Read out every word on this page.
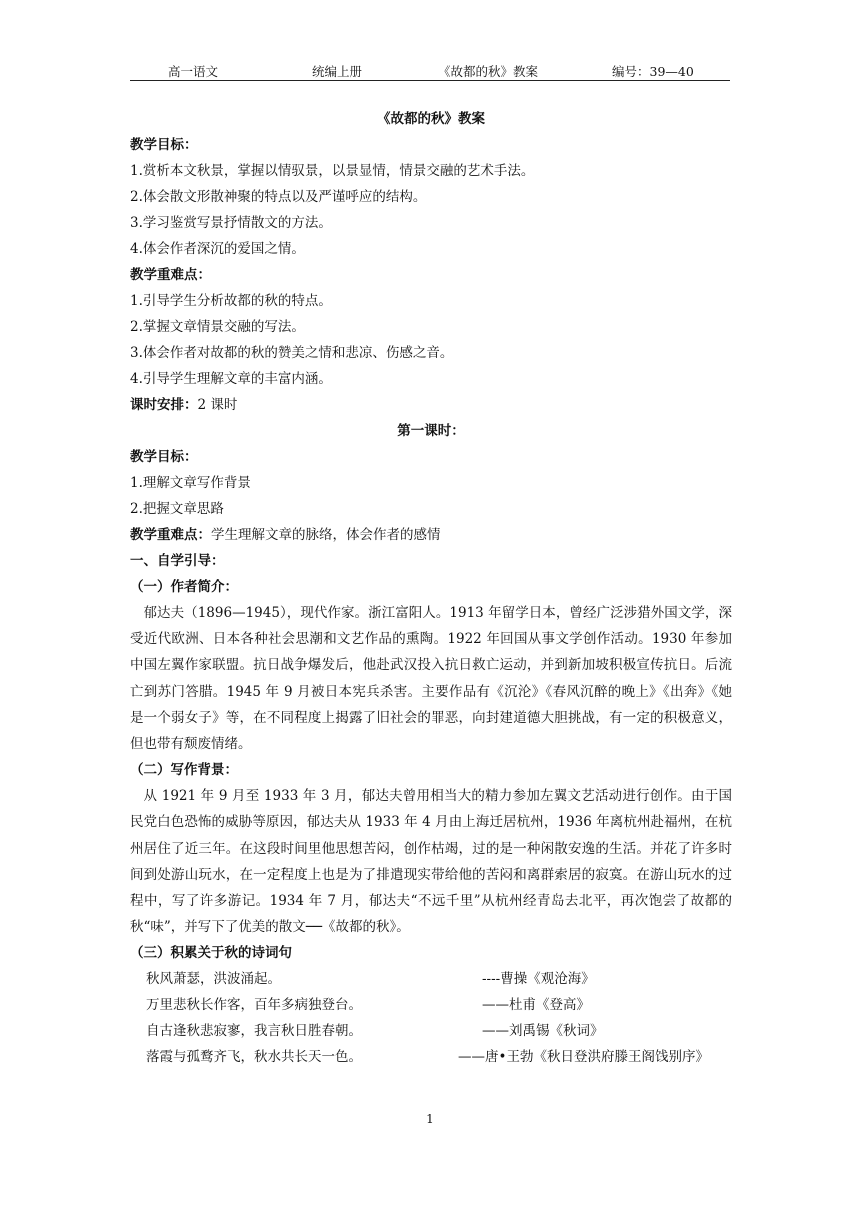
高一语文	统编上册	《故都的秋》教案	编号：39—40
《故都的秋》教案
教学目标：
1.赏析本文秋景，掌握以情驭景，以景显情，情景交融的艺术手法。
2.体会散文形散神聚的特点以及严谨呼应的结构。
3.学习鉴赏写景抒情散文的方法。
4.体会作者深沉的爱国之情。
教学重难点：
1.引导学生分析故都的秋的特点。
2.掌握文章情景交融的写法。
3.体会作者对故都的秋的赞美之情和悲凉、伤感之音。
4.引导学生理解文章的丰富内涵。
课时安排：2 课时
第一课时：
教学目标：
1.理解文章写作背景
2.把握文章思路
教学重难点：学生理解文章的脉络，体会作者的感情
一、自学引导：
（一）作者简介：
郁达夫（1896—1945），现代作家。浙江富阳人。1913 年留学日本，曾经广泛涉猎外国文学，深受近代欧洲、日本各种社会思潮和文艺作品的熏陶。1922 年回国从事文学创作活动。1930 年参加中国左翼作家联盟。抗日战争爆发后，他赴武汉投入抗日救亡运动，并到新加坡积极宣传抗日。后流亡到苏门答腊。1945 年 9 月被日本宪兵杀害。主要作品有《沉沦》《春风沉醉的晚上》《出奔》《她是一个弱女子》等，在不同程度上揭露了旧社会的罪恶，向封建道德大胆挑战，有一定的积极意义，但也带有颓废情绪。
（二）写作背景：
从 1921 年 9 月至 1933 年 3 月，郁达夫曾用相当大的精力参加左翼文艺活动进行创作。由于国民党白色恐怖的威胁等原因，郁达夫从 1933 年 4 月由上海迁居杭州，1936 年离杭州赴福州，在杭州居住了近三年。在这段时间里他思想苦闷，创作枯竭，过的是一种闲散安逸的生活。并花了许多时间到处游山玩水，在一定程度上也是为了排遣现实带给他的苦闷和离群索居的寂寞。在游山玩水的过程中，写了许多游记。1934 年 7 月，郁达夫“不远千里”从杭州经青岛去北平，再次饱尝了故都的秋“味”，并写下了优美的散文──《故都的秋》。
（三）积累关于秋的诗词句
秋风萧瑟，洪波涌起。	----曹操《观沧海》
万里悲秋长作客，百年多病独登台。	——杜甫《登高》
自古逢秋悲寂寥，我言秋日胜春朝。	——刘禹锡《秋词》
落霞与孤鹜齐飞，秋水共长天一色。	——唐•王勃《秋日登洪府滕王阁饯别序》
1
